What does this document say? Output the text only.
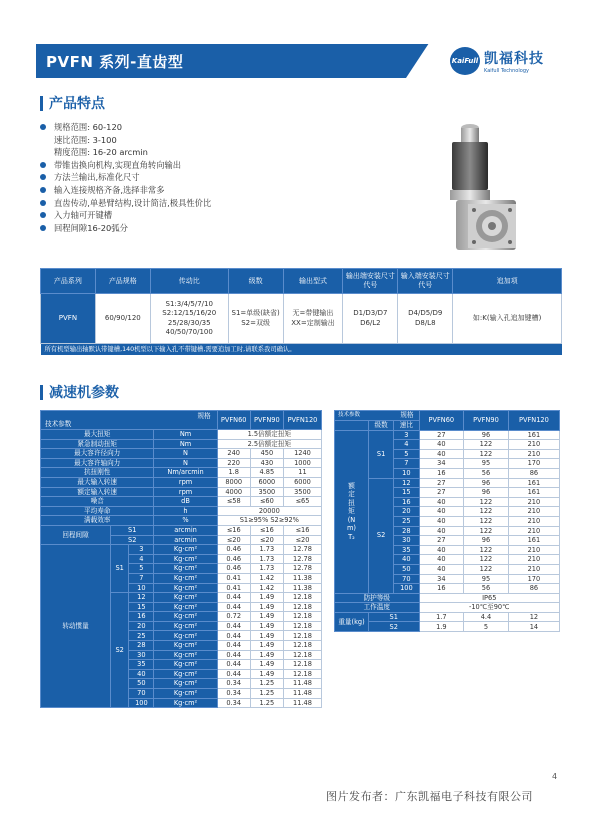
PVFN 系列-直齿型	KaiFull 凯福科技
Kaifull Technology
产品特点
规格范围: 60-120
速比范围: 3-100
精度范围: 16-20 arcmin
带锥齿换向机构,实现直角转向输出
方法兰输出,标准化尺寸
输入连接规格齐备,选择非常多
直齿传动,单悬臂结构,设计简洁,极具性价比
入力轴可开键槽
回程间隙16-20弧分
产品系列	产品规格	传动比	级数	输出型式	输出端安装尺寸代号	输入端安装尺寸代号	追加项
PVFN	60/90/120	S1:3/4/5/7/10
S2:12/15/16/20
25/28/30/35
40/50/70/100	S1=单级(缺省)
S2=双级	无=带键输出
XX=定制输出	D1/D3/D7
D6/L2	D4/D5/D9
D8/L8	如:K(输入孔追加键槽)
所有机型输出轴默认带键槽,140机型以下输入孔不带键槽,需要追加工时,请联系我司确认。							
减速机参数
规格
技术参数				PVFN60	PVFN90	PVFN120
最大扭矩			Nm	1.5倍额定扭矩		
紧急制动扭矩			Nm	2.5倍额定扭矩		
最大容许径向力			N	240	450	1240
最大容许轴向力			N	220	430	1000
抗扭刚性			Nm/arcmin	1.8	4.85	11
最大输入转速			rpm	8000	6000	6000
额定输入转速			rpm	4000	3500	3500
噪音			dB	≤58	≤60	≤65
平均寿命			h	20000		
满载效率			%	S1≥95% S2≥92%		
回程间隙	S1		arcmin	≤16	≤16	≤16
	S2		arcmin	≤20	≤20	≤20
转动惯量	S1	3	Kg·cm²	0.46	1.73	12.78
		4	Kg·cm²	0.46	1.73	12.78
		5	Kg·cm²	0.46	1.73	12.78
		7	Kg·cm²	0.41	1.42	11.38
		10	Kg·cm²	0.41	1.42	11.38
	S2	12	Kg·cm²	0.44	1.49	12.18
		15	Kg·cm²	0.44	1.49	12.18
		16	Kg·cm²	0.72	1.49	12.18
		20	Kg·cm²	0.44	1.49	12.18
		25	Kg·cm²	0.44	1.49	12.18
		28	Kg·cm²	0.44	1.49	12.18
		30	Kg·cm²	0.44	1.49	12.18
		35	Kg·cm²	0.44	1.49	12.18
		40	Kg·cm²	0.44	1.49	12.18
		50	Kg·cm²	0.34	1.25	11.48
		70	Kg·cm²	0.34	1.25	11.48
		100	Kg·cm²	0.34	1.25	11.48
技术参数 规格			PVFN60	PVFN90	PVFN120
	级数	速比			
额定扭矩(Nm)T₂	S1	3	27	96	161
		4	40	122	210
		5	40	122	210
		7	34	95	170
		10	16	56	86
	S2	12	27	96	161
		15	27	96	161
		16	40	122	210
		20	40	122	210
		25	40	122	210
		28	40	122	210
		30	27	96	161
		35	40	122	210
		40	40	122	210
		50	40	122	210
		70	34	95	170
		100	16	56	86
防护等级			IP65		
工作温度			-10℃至90℃		
重量(kg)	S1		1.7	4.4	12
	S2		1.9	5	14
4
图片发布者：广东凯福电子科技有限公司
